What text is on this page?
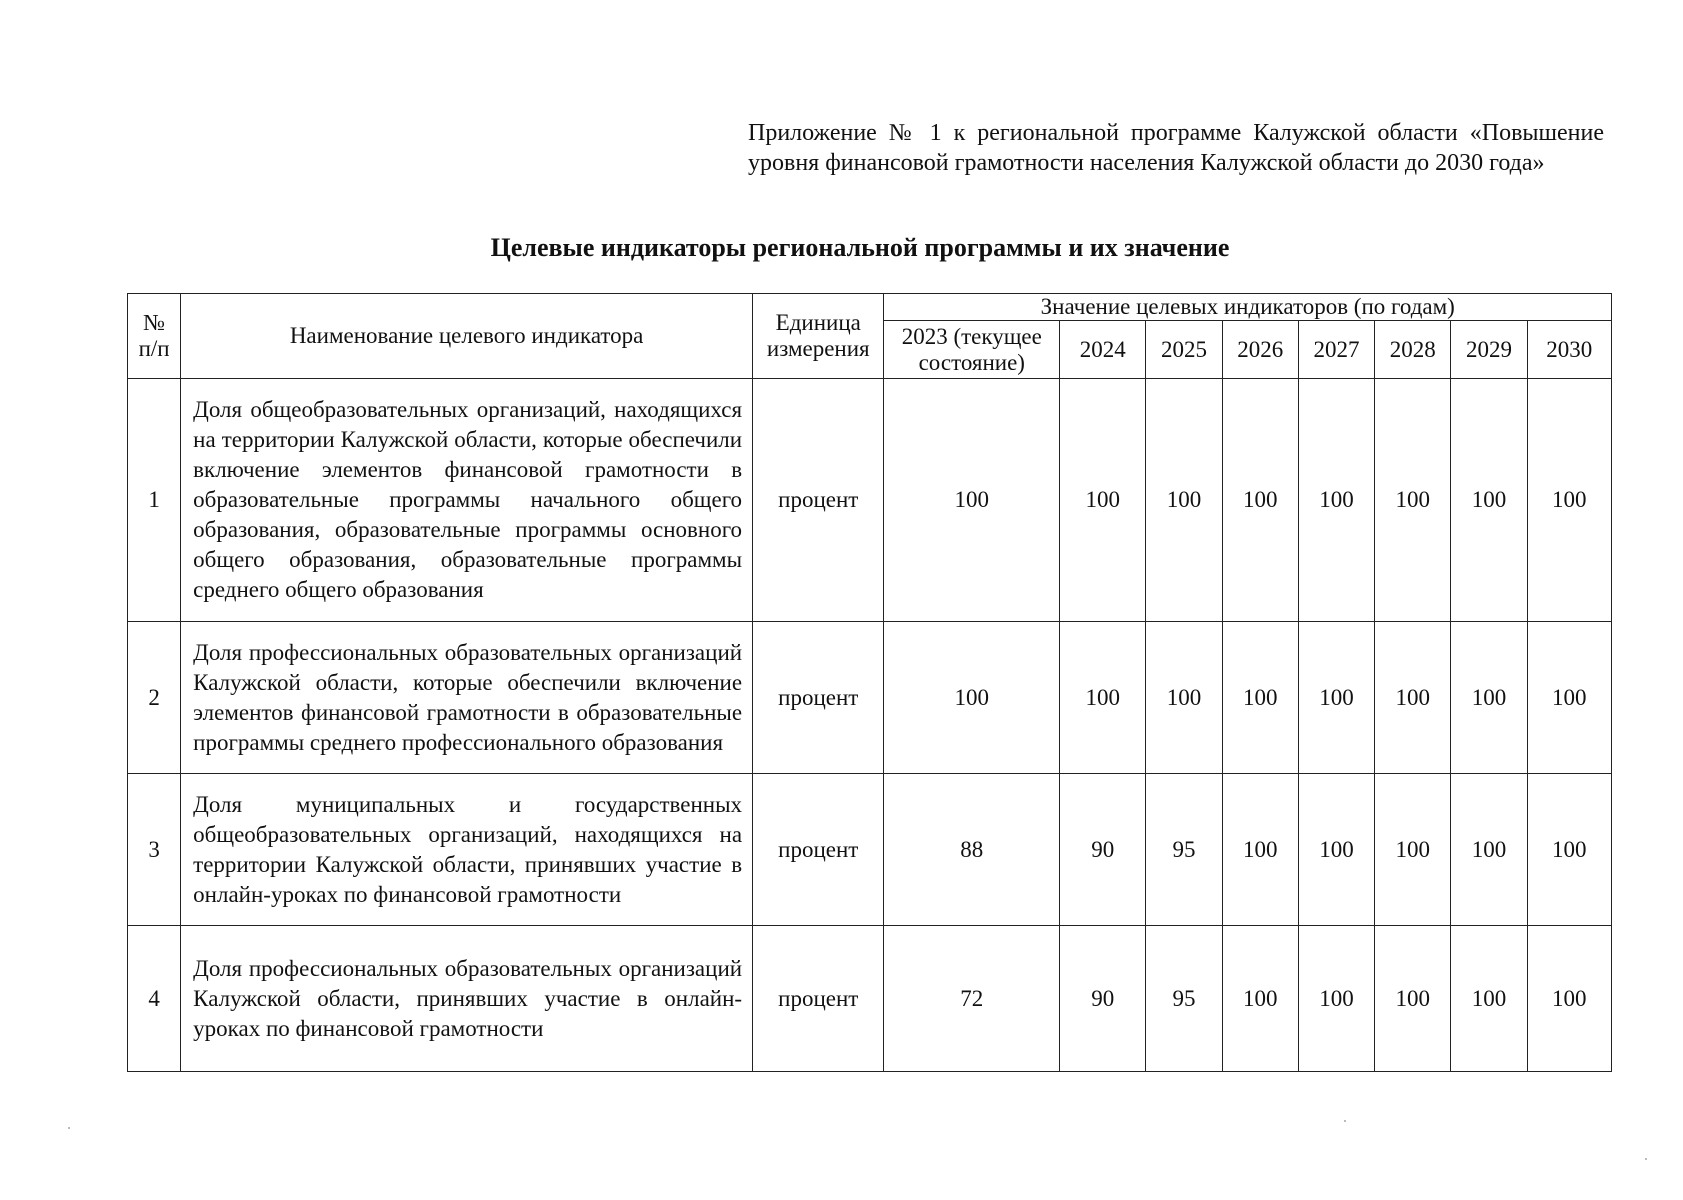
Приложение № 1 к региональной программе Калужской области «Повышение уровня финансовой грамотности населения Калужской области до 2030 года»
Целевые индикаторы региональной программы и их значение
№ п/п	Наименование целевого индикатора	Единица измерения	Значение целевых индикаторов (по годам)							
			2023 (текущее состояние)	2024	2025	2026	2027	2028	2029	2030
1	Доля общеобразовательных организаций, находящихся на территории Калужской области, которые обеспечили включение элементов финансовой грамотности в образовательные программы начального общего образования, образовательные программы основного общего образования, образовательные программы среднего общего образования	процент	100	100	100	100	100	100	100	100
2	Доля профессиональных образовательных организаций Калужской области, которые обеспечили включение элементов финансовой грамотности в образовательные программы среднего профессионального образования	процент	100	100	100	100	100	100	100	100
3	Доля муниципальных и государственных общеобразовательных организаций, находящихся на территории Калужской области, принявших участие в онлайн-уроках по финансовой грамотности	процент	88	90	95	100	100	100	100	100
4	Доля профессиональных образовательных организаций Калужской области, принявших участие в онлайн-уроках по финансовой грамотности	процент	72	90	95	100	100	100	100	100
